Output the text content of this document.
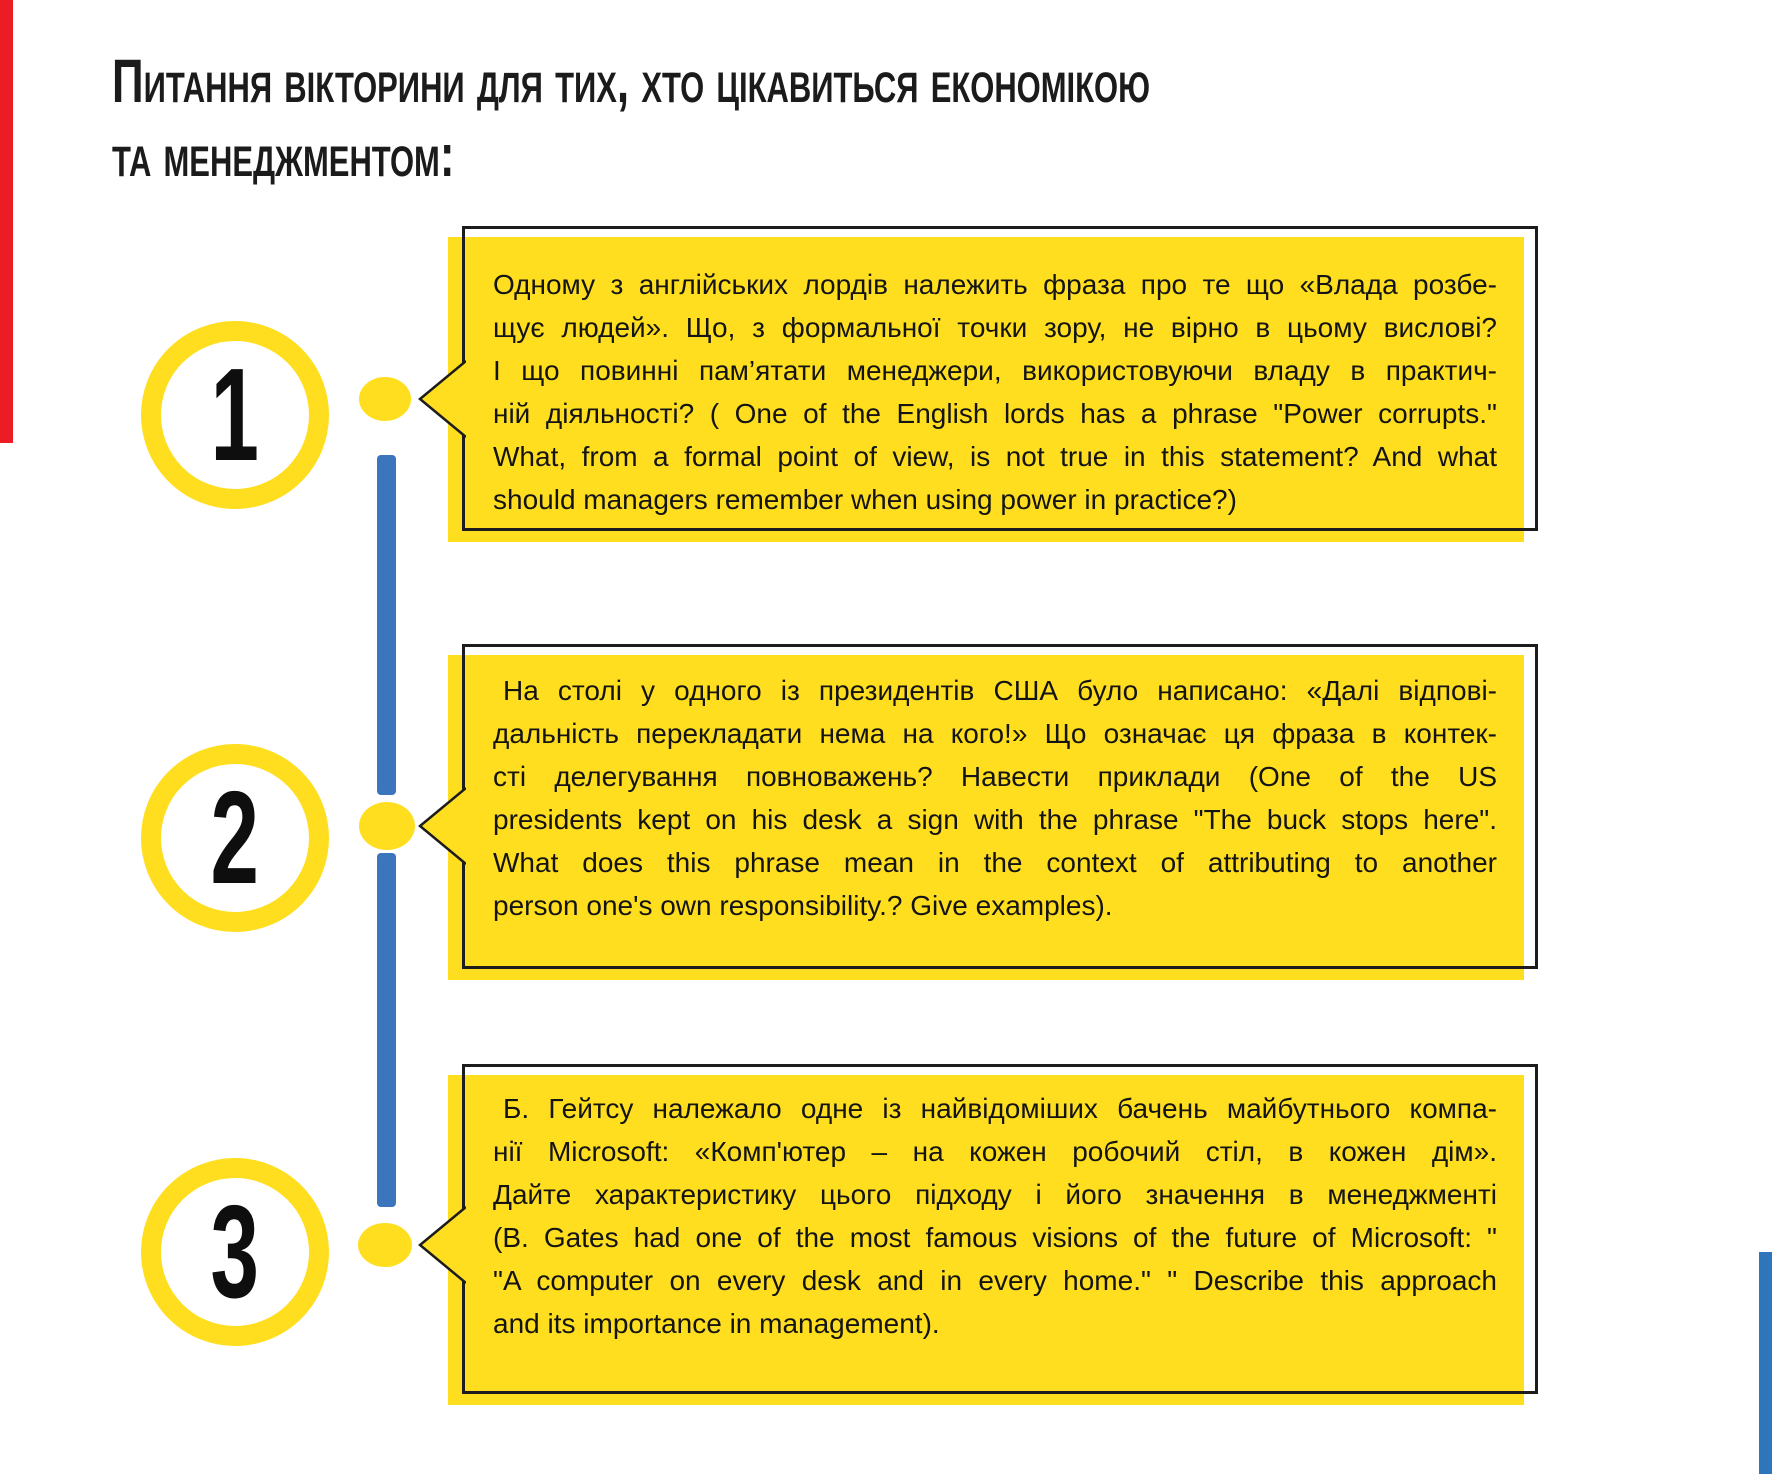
Питання вікторини для тих, хто цікавиться економікою
та менеджментом:
1
2
3
Одному з англійських лордів належить фраза про те що «Влада розбе-
щує людей». Що, з формальної точки зору, не вірно в цьому вислові?
І що повинні пам’ятати менеджери, використовуючи владу в практич-
ній діяльності? ( One of the English lords has a phrase "Power corrupts."
What, from a formal point of view, is not true in this statement? And what
should managers remember when using power in practice?)
На столі у одного із президентів США було написано: «Далі відпові-
дальність перекладати нема на кого!» Що означає ця фраза в контек-
сті делегування повноважень? Навести приклади (One of the US
presidents kept on his desk a sign with the phrase "The buck stops here".
What does this phrase mean in the context of attributing to another
person one's own responsibility.? Give examples).
Б. Гейтсу належало одне із найвідоміших бачень майбутнього компа-
нії Microsoft: «Комп'ютер – на кожен робочий стіл, в кожен дім».
Дайте характеристику цього підходу і його значення в менеджменті
(B. Gates had one of the most famous visions of the future of Microsoft: "
"A computer on every desk and in every home." " Describe this approach
and its importance in management).
